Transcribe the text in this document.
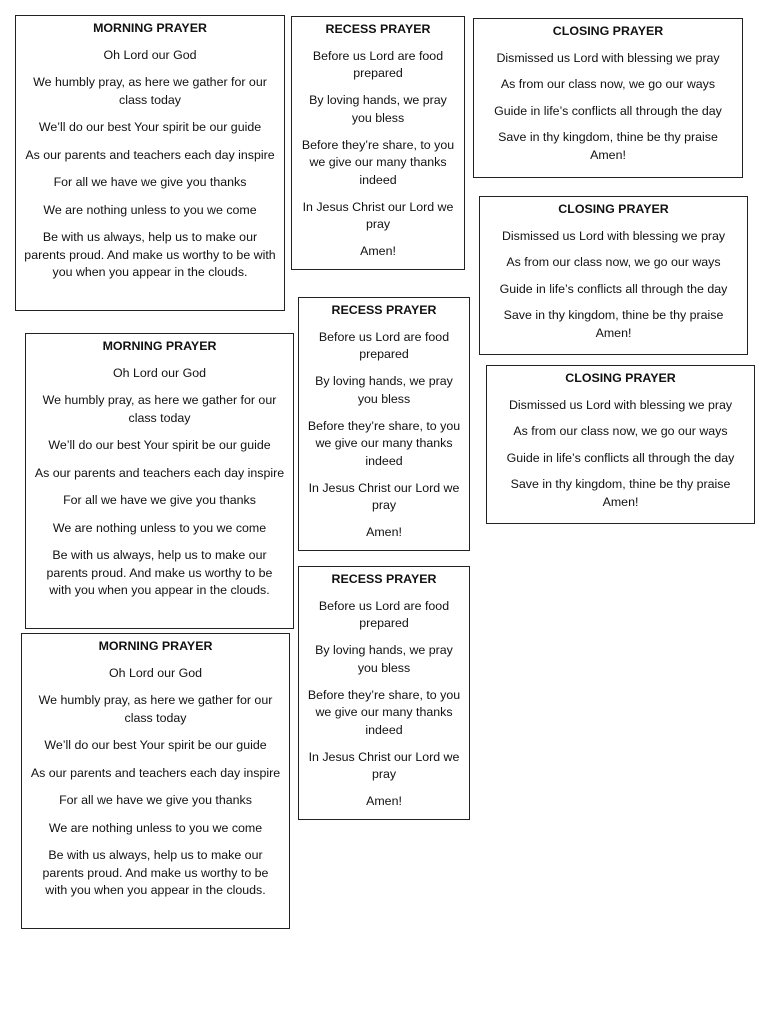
MORNING PRAYER
Oh Lord our God
We humbly pray, as here we gather for our class today
We’ll do our best Your spirit be our guide
As our parents and teachers each day inspire
For all we have we give you thanks
We are nothing unless to you we come
Be with us always, help us to make our parents proud. And make us worthy to be with you when you appear in the clouds.
RECESS PRAYER
Before us Lord are food prepared
By loving hands, we pray you bless
Before they’re share, to you we give our many thanks indeed
In Jesus Christ our Lord we pray
Amen!
CLOSING PRAYER
Dismissed us Lord with blessing we pray
As from our class now, we go our ways
Guide in life’s conflicts all through the day
Save in thy kingdom, thine be thy praise Amen!
CLOSING PRAYER
Dismissed us Lord with blessing we pray
As from our class now, we go our ways
Guide in life’s conflicts all through the day
Save in thy kingdom, thine be thy praise Amen!
RECESS PRAYER
Before us Lord are food prepared
By loving hands, we pray you bless
Before they’re share, to you we give our many thanks indeed
In Jesus Christ our Lord we pray
Amen!
MORNING PRAYER
Oh Lord our God
We humbly pray, as here we gather for our class today
We’ll do our best Your spirit be our guide
As our parents and teachers each day inspire
For all we have we give you thanks
We are nothing unless to you we come
Be with us always, help us to make our parents proud. And make us worthy to be with you when you appear in the clouds.
CLOSING PRAYER
Dismissed us Lord with blessing we pray
As from our class now, we go our ways
Guide in life’s conflicts all through the day
Save in thy kingdom, thine be thy praise Amen!
RECESS PRAYER
Before us Lord are food prepared
By loving hands, we pray you bless
Before they’re share, to you we give our many thanks indeed
In Jesus Christ our Lord we pray
Amen!
MORNING PRAYER
Oh Lord our God
We humbly pray, as here we gather for our class today
We’ll do our best Your spirit be our guide
As our parents and teachers each day inspire
For all we have we give you thanks
We are nothing unless to you we come
Be with us always, help us to make our parents proud. And make us worthy to be with you when you appear in the clouds.
